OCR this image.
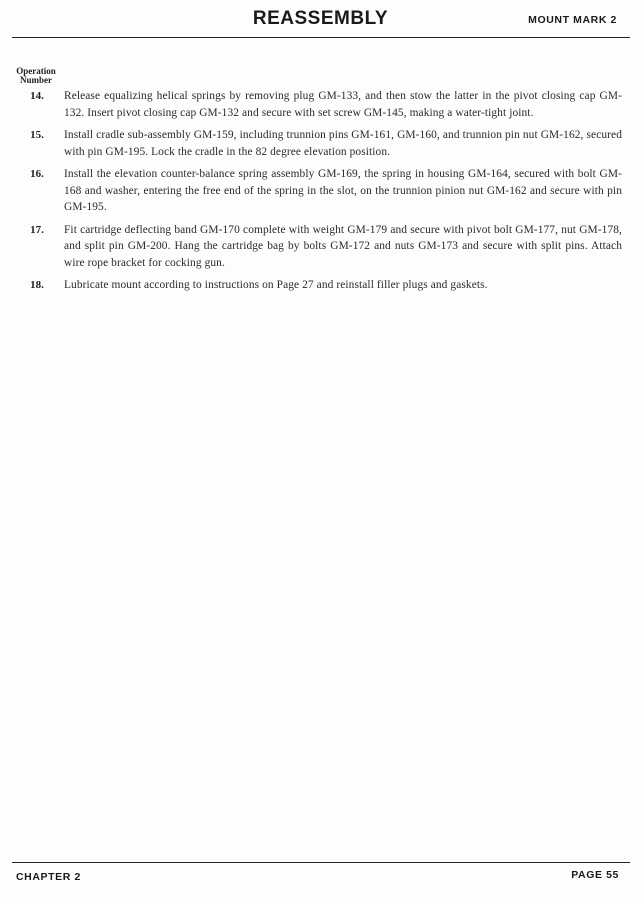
REASSEMBLY	MOUNT MARK 2
Operation
Number
14.	Release equalizing helical springs by removing plug GM-133, and then stow the latter in the pivot closing cap GM-132. Insert pivot closing cap GM-132 and secure with set screw GM-145, making a water-tight joint.
15.	Install cradle sub-assembly GM-159, including trunnion pins GM-161, GM-160, and trunnion pin nut GM-162, secured with pin GM-195. Lock the cradle in the 82 degree elevation position.
16.	Install the elevation counter-balance spring assembly GM-169, the spring in housing GM-164, secured with bolt GM-168 and washer, entering the free end of the spring in the slot, on the trunnion pinion nut GM-162 and secure with pin GM-195.
17.	Fit cartridge deflecting band GM-170 complete with weight GM-179 and secure with pivot bolt GM-177, nut GM-178, and split pin GM-200. Hang the cartridge bag by bolts GM-172 and nuts GM-173 and secure with split pins. Attach wire rope bracket for cocking gun.
18.	Lubricate mount according to instructions on Page 27 and reinstall filler plugs and gaskets.
CHAPTER 2	PAGE 55
